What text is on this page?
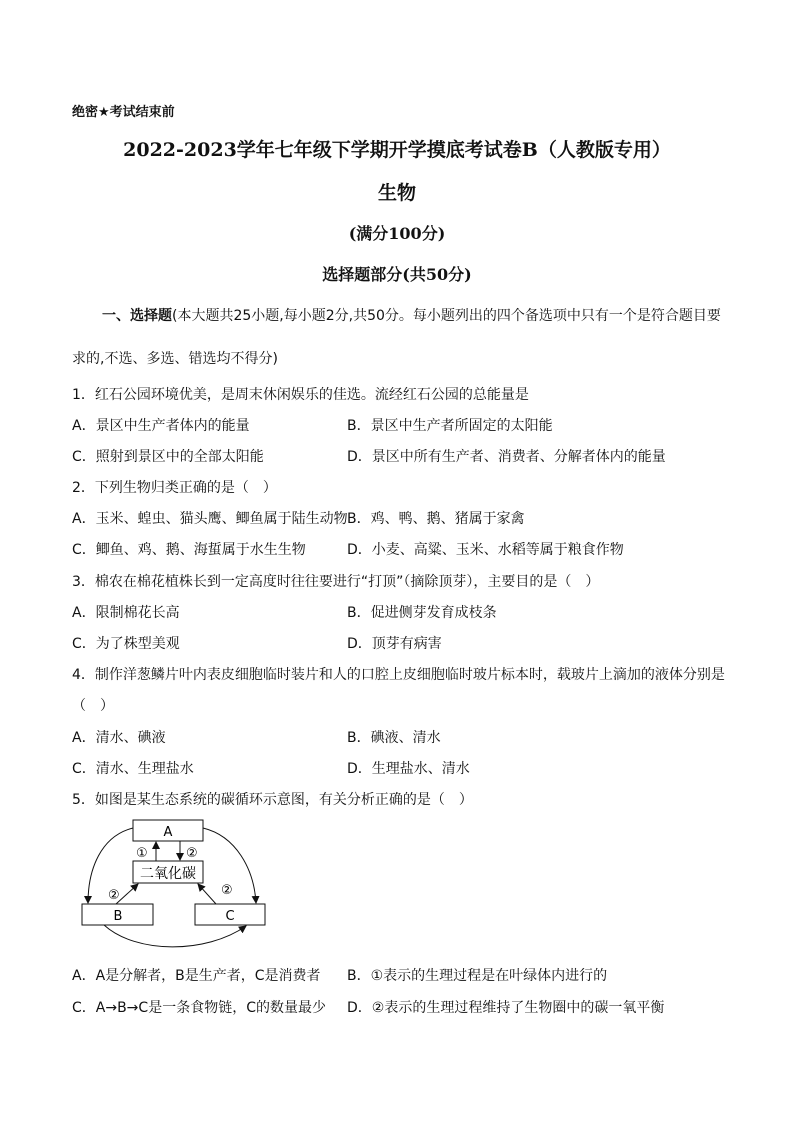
绝密★考试结束前
2022-2023学年七年级下学期开学摸底考试卷B（人教版专用）
生物
(满分100分)
选择题部分(共50分)
一、选择题(本大题共25小题,每小题2分,共50分。每小题列出的四个备选项中只有一个是符合题目要
求的,不选、多选、错选均不得分)
1．红石公园环境优美，是周末休闲娱乐的佳选。流经红石公园的总能量是
A．景区中生产者体内的能量	B．景区中生产者所固定的太阳能
C．照射到景区中的全部太阳能	D．景区中所有生产者、消费者、分解者体内的能量
2．下列生物归类正确的是（　）
A．玉米、蝗虫、猫头鹰、鲫鱼属于陆生动物 B．鸡、鸭、鹅、猪属于家禽
C．鲫鱼、鸡、鹅、海蜇属于水生生物	D．小麦、高粱、玉米、水稻等属于粮食作物
3．棉农在棉花植株长到一定高度时往往要进行“打顶”（摘除顶芽），主要目的是（　）
A．限制棉花长高	B．促进侧芽发育成枝条
C．为了株型美观	D．顶芽有病害
4．制作洋葱鳞片叶内表皮细胞临时装片和人的口腔上皮细胞临时玻片标本时，载玻片上滴加的液体分别是
（　）
A．清水、碘液	B．碘液、清水
C．清水、生理盐水	D．生理盐水、清水
5．如图是某生态系统的碳循环示意图，有关分析正确的是（　）
A
二氧化碳
B	C
①	②
②	②
A．A是分解者，B是生产者，C是消费者 B．①表示的生理过程是在叶绿体内进行的
C．A→B→C是一条食物链，C的数量最少 D．②表示的生理过程维持了生物圈中的碳一氧平衡
